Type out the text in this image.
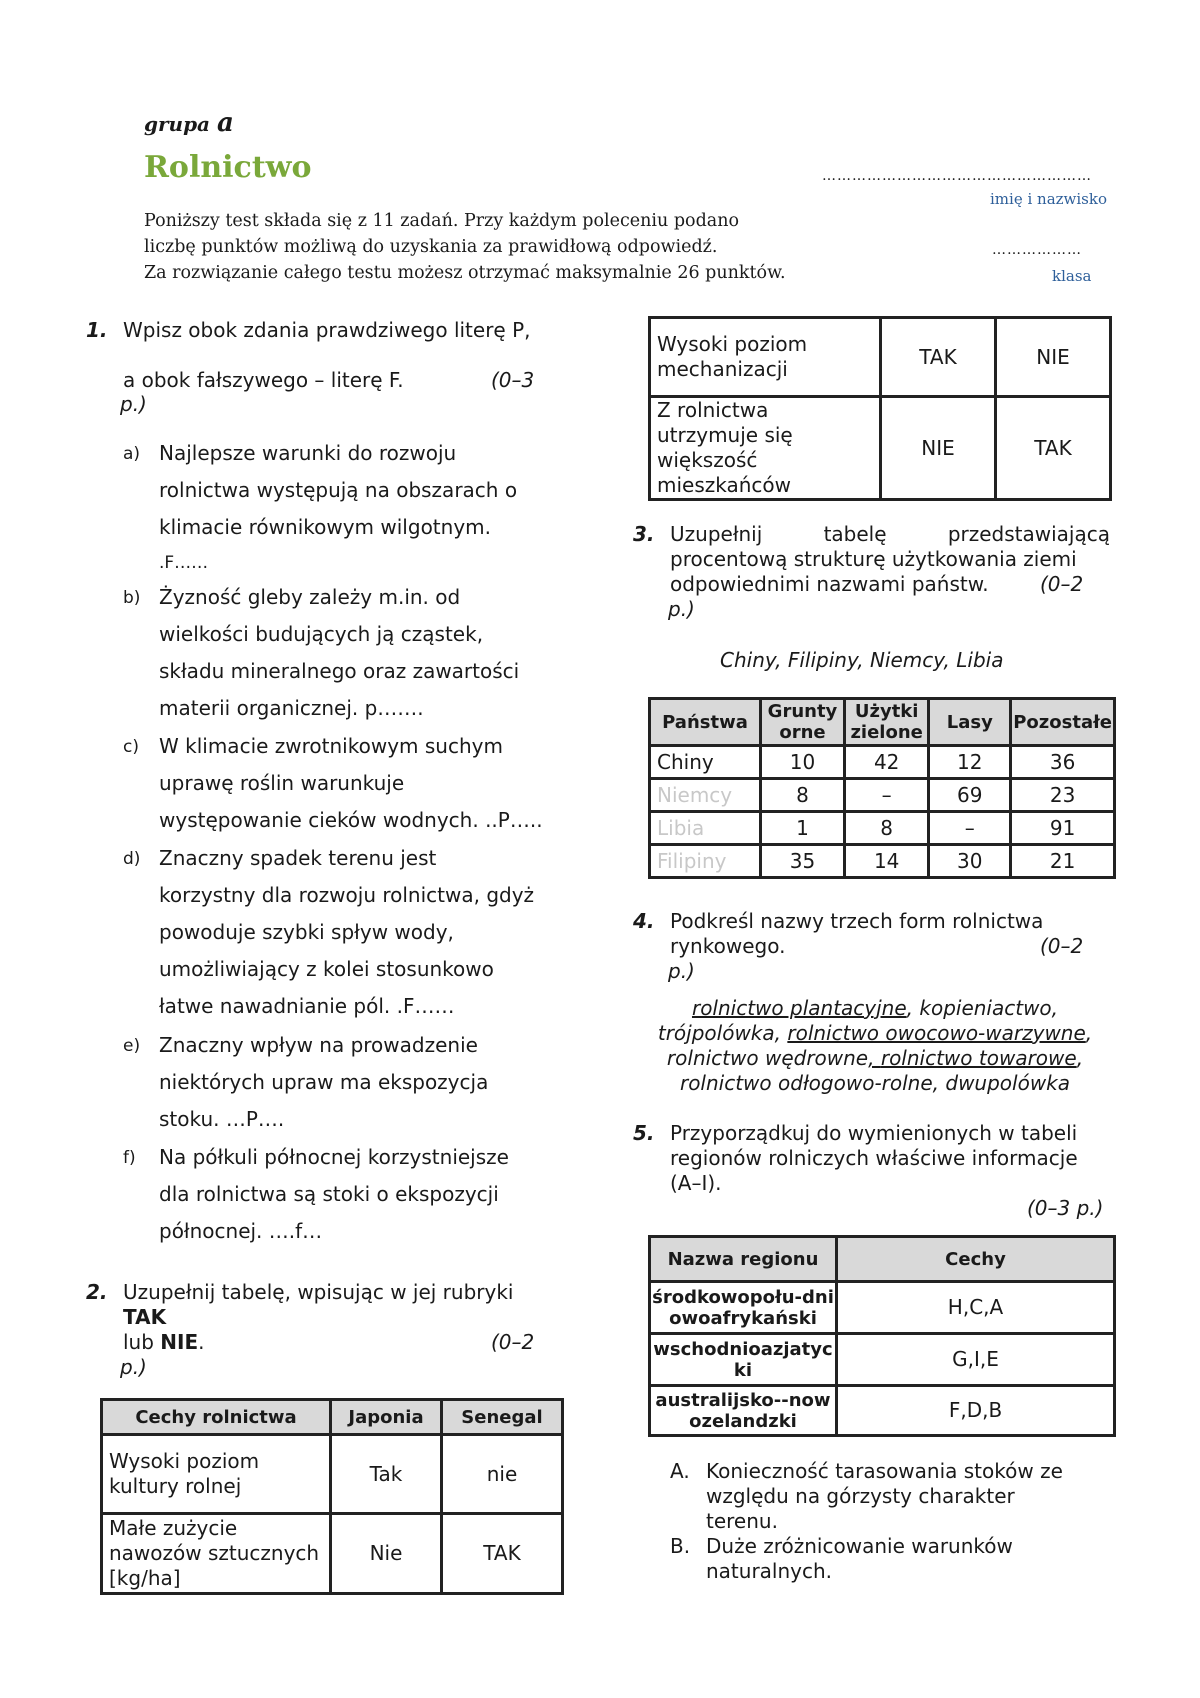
grupa a
Rolnictwo
Poniższy test składa się z 11 zadań. Przy każdym poleceniu podano
liczbę punktów możliwą do uzyskania za prawidłową odpowiedź.
Za rozwiązanie całego testu możesz otrzymać maksymalnie 26 punktów.
………………………………………………
imię i nazwisko
………………
klasa
1. Wpisz obok zdania prawdziwego literę P,
a obok fałszywego – literę F.	(0–3
p.)
a) Najlepsze warunki do rozwoju
rolnictwa występują na obszarach o
klimacie równikowym wilgotnym.
.F……
b) Żyzność gleby zależy m.in. od
wielkości budujących ją cząstek,
składu mineralnego oraz zawartości
materii organicznej. p…….
c) W klimacie zwrotnikowym suchym
uprawę roślin warunkuje
występowanie cieków wodnych. ..P…..
d) Znaczny spadek terenu jest
korzystny dla rozwoju rolnictwa, gdyż
powoduje szybki spływ wody,
umożliwiający z kolei stosunkowo
łatwe nawadnianie pól. .F……
e) Znaczny wpływ na prowadzenie
niektórych upraw ma ekspozycja
stoku. …P….
f) Na półkuli północnej korzystniejsze
dla rolnictwa są stoki o ekspozycji
północnej. ….f…
2. Uzupełnij tabelę, wpisując w jej rubryki
TAK
lub NIE.	(0–2
p.)
Cechy rolnictwa	Japonia	Senegal
Wysoki poziom kultury rolnej	Tak	nie
Małe zużycie nawozów sztucznych [kg/ha]	Nie	TAK
Wysoki poziom mechanizacji	TAK	NIE
Z rolnictwa utrzymuje się większość mieszkańców	NIE	TAK
3. Uzupełnij tabelę przedstawiającą
procentową strukturę użytkowania ziemi
odpowiednimi nazwami państw.	(0–2
p.)
Chiny, Filipiny, Niemcy, Libia
Państwa	Grunty orne	Użytki zielone	Lasy	Pozostałe
Chiny	10	42	12	36
Niemcy	8	–	69	23
Libia	1	8	–	91
Filipiny	35	14	30	21
4. Podkreśl nazwy trzech form rolnictwa
rynkowego.	(0–2
p.)
rolnictwo plantacyjne, kopieniactwo,
trójpolówka, rolnictwo owocowo-warzywne,
rolnictwo wędrowne, rolnictwo towarowe,
rolnictwo odłogowo-rolne, dwupolówka
5. Przyporządkuj do wymienionych w tabeli
regionów rolniczych właściwe informacje
(A–I).
(0–3 p.)
Nazwa regionu	Cechy
środkowopołu-dniowoafrykański	H,C,A
wschodnioazjatycki	G,I,E
australijsko--nowozelandzki	F,D,B
A. Konieczność tarasowania stoków ze
względu na górzysty charakter
terenu.
B. Duże zróżnicowanie warunków
naturalnych.
